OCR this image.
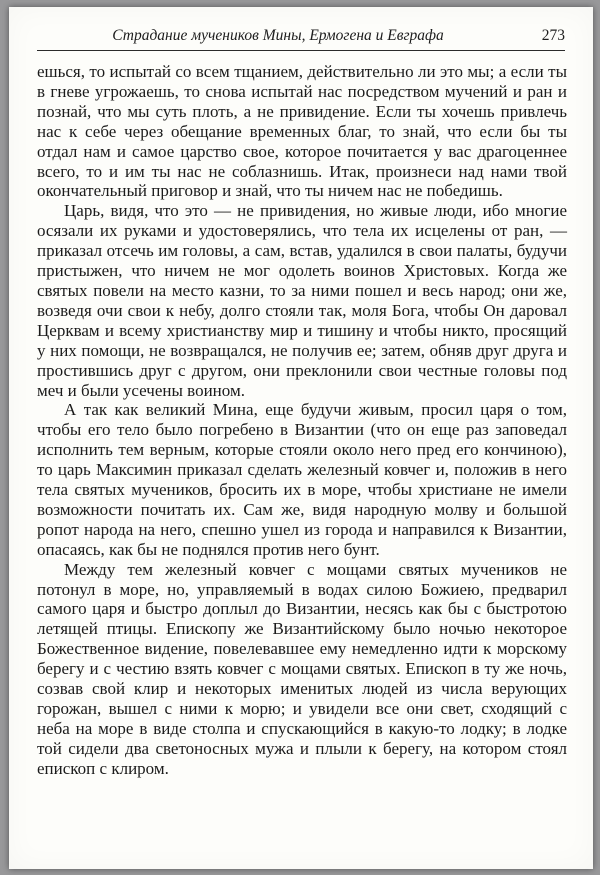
Страдание мучеников Мины, Ермогена и Евграфа	273

ешься, то испытай со всем тщанием, действительно ли это мы; а если ты в гневе угрожаешь, то снова испытай нас посредством мучений и ран и познай, что мы суть плоть, а не привидение. Если ты хочешь привлечь нас к себе через обещание временных благ, то знай, что если бы ты отдал нам и самое царство свое, которое почитается у вас драгоценнее всего, то и им ты нас не соблазнишь. Итак, произнеси над нами твой окончательный приговор и знай, что ты ничем нас не победишь.

Царь, видя, что это — не привидения, но живые люди, ибо многие осязали их руками и удостоверялись, что тела их исцелены от ран, — приказал отсечь им головы, а сам, встав, удалился в свои палаты, будучи пристыжен, что ничем не мог одолеть воинов Христовых. Когда же святых повели на место казни, то за ними пошел и весь народ; они же, возведя очи свои к небу, долго стояли так, моля Бога, чтобы Он даровал Церквам и всему христианству мир и тишину и чтобы никто, просящий у них помощи, не возвращался, не получив ее; затем, обняв друг друга и простившись друг с другом, они преклонили свои честные головы под меч и были усечены воином.

А так как великий Мина, еще будучи живым, просил царя о том, чтобы его тело было погребено в Византии (что он еще раз заповедал исполнить тем верным, которые стояли около него пред его кончиною), то царь Максимин приказал сделать железный ковчег и, положив в него тела святых мучеников, бросить их в море, чтобы христиане не имели возможности почитать их. Сам же, видя народную молву и большой ропот народа на него, спешно ушел из города и направился к Византии, опасаясь, как бы не поднялся против него бунт.

Между тем железный ковчег с мощами святых мучеников не потонул в море, но, управляемый в водах силою Божиею, предварил самого царя и быстро доплыл до Византии, несясь как бы с быстротою летящей птицы. Епископу же Византийскому было ночью некоторое Божественное видение, повелевавшее ему немедленно идти к морскому берегу и с честию взять ковчег с мощами святых. Епископ в ту же ночь, созвав свой клир и некоторых именитых людей из числа верующих горожан, вышел с ними к морю; и увидели все они свет, сходящий с неба на море в виде столпа и спускающийся в какую-то лодку; в лодке той сидели два светоносных мужа и плыли к берегу, на котором стоял епископ с клиром.
